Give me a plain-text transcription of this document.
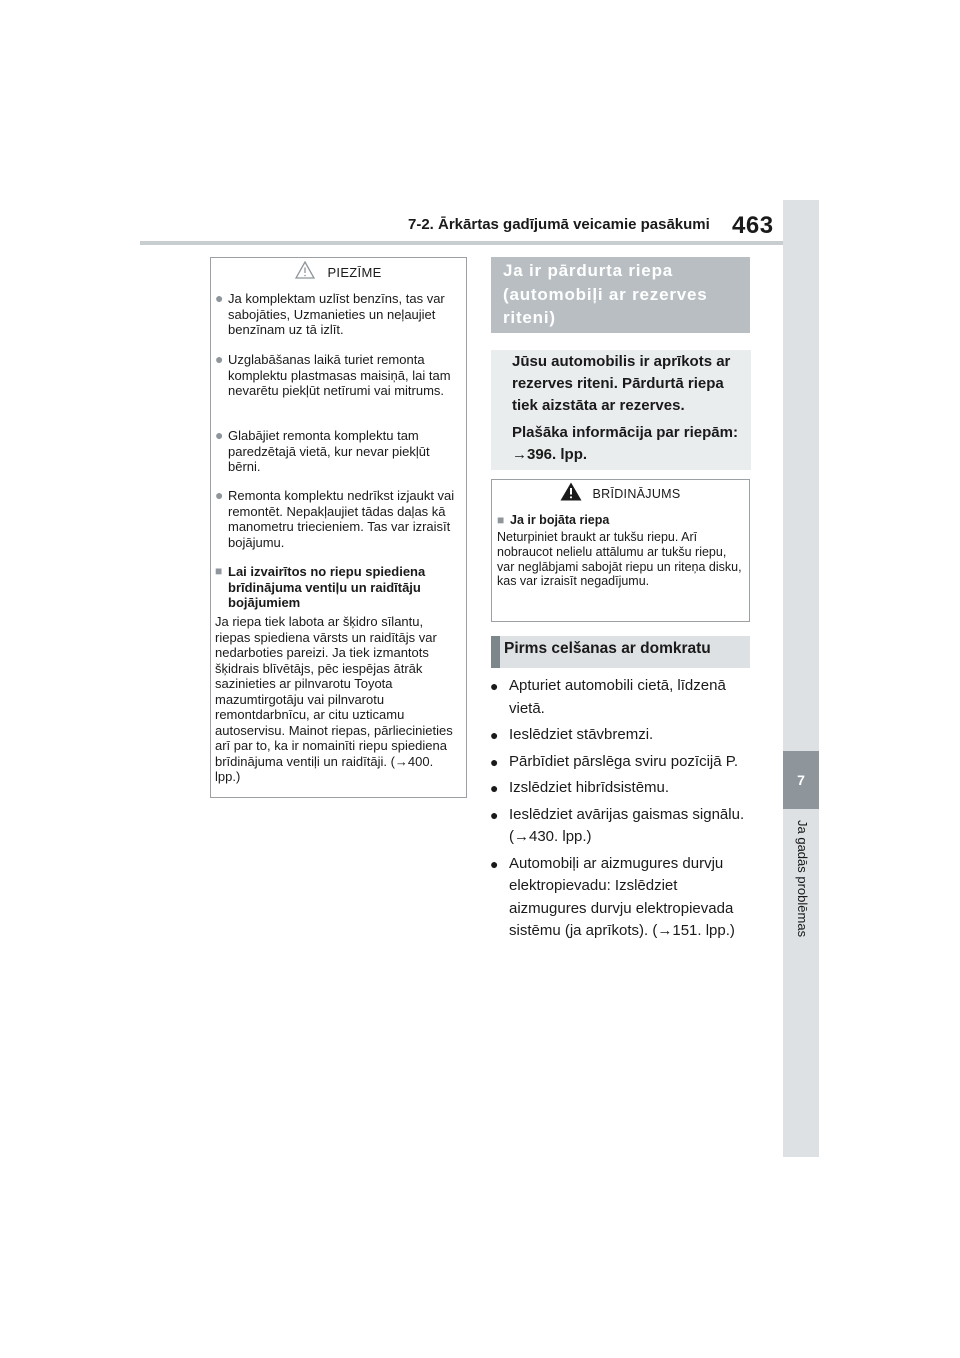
7-2. Ārkārtas gadījumā veicamie pasākumi 463
7
PIEZĪME
● Ja komplektam uzlīst benzīns, tas var sabojāties, Uzmanieties un neļaujiet benzīnam uz tā izlīt.
● Uzglabāšanas laikā turiet remonta komplektu plastmasas maisiņā, lai tam nevarētu piekļūt netīrumi vai mitrums.
● Glabājiet remonta komplektu tam paredzētajā vietā, kur nevar piekļūt bērni.
● Remonta komplektu nedrīkst izjaukt vai remontēt. Nepakļaujiet tādas daļas kā manometru triecieniem. Tas var izraisīt bojājumu.
■ Lai izvairītos no riepu spiediena brīdinājuma ventiļu un raidītāju bojājumiem
Ja riepa tiek labota ar šķidro sīlantu, riepas spiediena vārsts un raidītājs var nedarboties pareizi. Ja tiek izmantots šķidrais blīvētājs, pēc iespējas ātrāk sazinieties ar pilnvarotu Toyota mazumtirgotāju vai pilnvarotu remontdarbnīcu, ar citu uzticamu autoservisu. Mainot riepas, pārliecinieties arī par to, ka ir nomainīti riepu spiediena brīdinājuma ventiļi un raidītāji. (→400. lpp.)
Ja ir pārdurta riepa (automobiļi ar rezerves riteni)
Jūsu automobilis ir aprīkots ar rezerves riteni. Pārdurtā riepa tiek aizstāta ar rezerves.
Plašāka informācija par riepām: →396. lpp.
BRĪDINĀJUMS
■ Ja ir bojāta riepa
Neturpiniet braukt ar tukšu riepu. Arī nobraucot nelielu attālumu ar tukšu riepu, var neglābjami sabojāt riepu un riteņa disku, kas var izraisīt negadījumu.
Pirms celšanas ar domkratu
● Apturiet automobili cietā, līdzenā vietā.
● Ieslēdziet stāvbremzi.
● Pārbīdiet pārslēga sviru pozīcijā P.
● Izslēdziet hibrīdsistēmu.
● Ieslēdziet avārijas gaismas signālu. (→430. lpp.)
● Automobiļi ar aizmugures durvju elektropievadu: Izslēdziet aizmugures durvju elektropievada sistēmu (ja aprīkots). (→151. lpp.)
